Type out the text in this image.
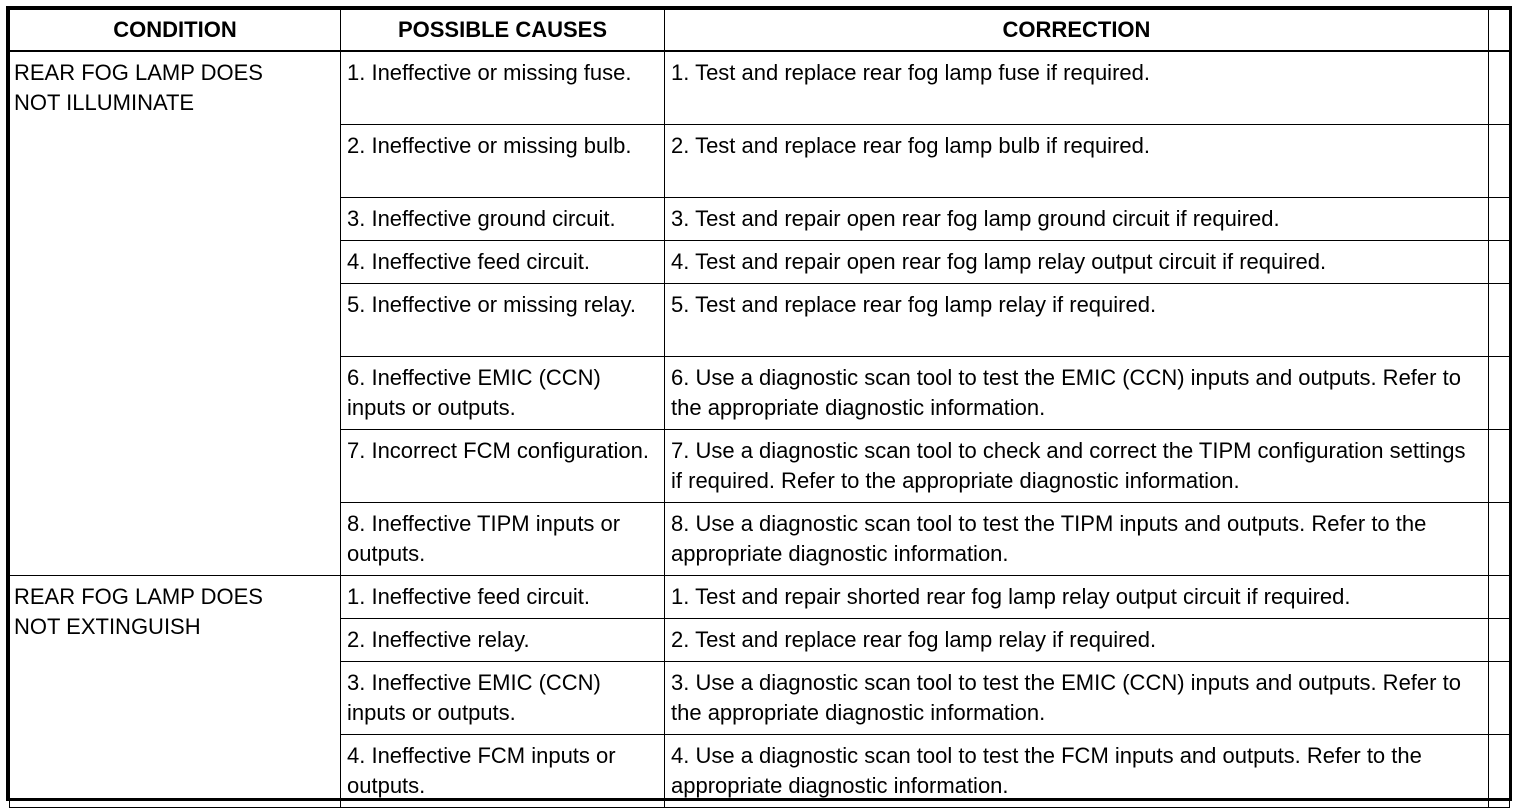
CONDITION	POSSIBLE CAUSES	CORRECTION	

REAR FOG LAMP DOES
NOT ILLUMINATE	1. Ineffective or missing fuse.	1. Test and replace rear fog lamp fuse if required.	
	2. Ineffective or missing bulb.	2. Test and replace rear fog lamp bulb if required.	
	3. Ineffective ground circuit.	3. Test and repair open rear fog lamp ground circuit if required.	
	4. Ineffective feed circuit.	4. Test and repair open rear fog lamp relay output circuit if required.	
	5. Ineffective or missing relay.	5. Test and replace rear fog lamp relay if required.	
	6. Ineffective EMIC (CCN) inputs or outputs.	6. Use a diagnostic scan tool to test the EMIC (CCN) inputs and outputs. Refer to the appropriate diagnostic information.	
	7. Incorrect FCM configuration.	7. Use a diagnostic scan tool to check and correct the TIPM configuration settings if required. Refer to the appropriate diagnostic information.	
	8. Ineffective TIPM inputs or outputs.	8. Use a diagnostic scan tool to test the TIPM inputs and outputs. Refer to the appropriate diagnostic information.	

REAR FOG LAMP DOES
NOT EXTINGUISH	1. Ineffective feed circuit.	1. Test and repair shorted rear fog lamp relay output circuit if required.	
	2. Ineffective relay.	2. Test and replace rear fog lamp relay if required.	
	3. Ineffective EMIC (CCN) inputs or outputs.	3. Use a diagnostic scan tool to test the EMIC (CCN) inputs and outputs. Refer to the appropriate diagnostic information.	
	4. Ineffective FCM inputs or outputs.	4. Use a diagnostic scan tool to test the FCM inputs and outputs. Refer to the appropriate diagnostic information.	
